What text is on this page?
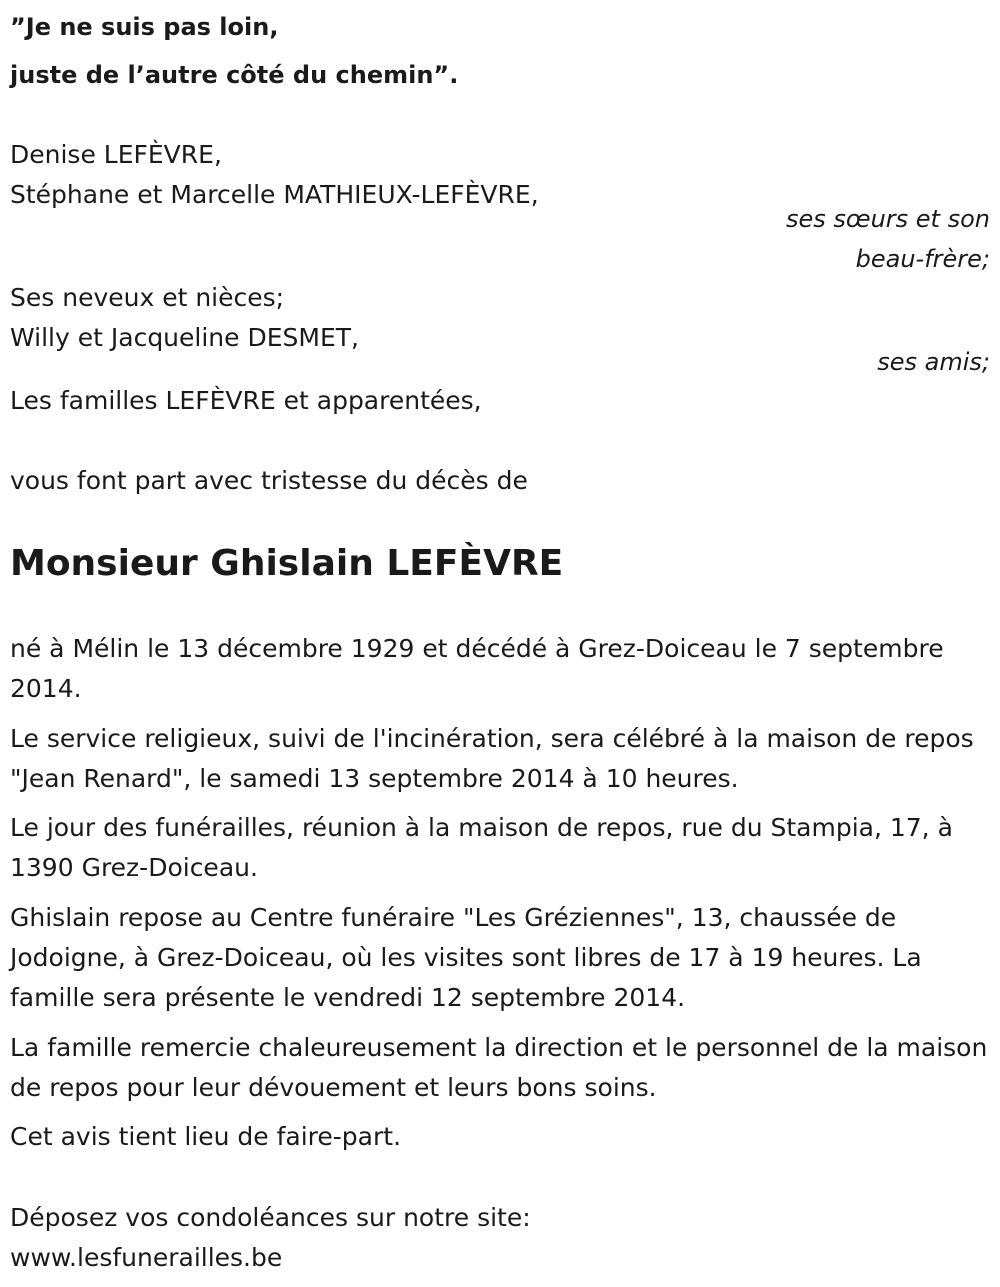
”Je ne suis pas loin,
juste de l’autre côté du chemin”.
Denise LEFÈVRE,
Stéphane et Marcelle MATHIEUX-LEFÈVRE,
ses sœurs et son
beau-frère;
Ses neveux et nièces;
Willy et Jacqueline DESMET,
ses amis;
Les familles LEFÈVRE et apparentées,
vous font part avec tristesse du décès de
Monsieur Ghislain LEFÈVRE
né à Mélin le 13 décembre 1929 et décédé à Grez-Doiceau le 7 septembre 2014.
Le service religieux, suivi de l'incinération, sera célébré à la maison de repos "Jean Renard", le samedi 13 septembre 2014 à 10 heures.
Le jour des funérailles, réunion à la maison de repos, rue du Stampia, 17, à 1390 Grez-Doiceau.
Ghislain repose au Centre funéraire "Les Gréziennes", 13, chaussée de Jodoigne, à Grez-Doiceau, où les visites sont libres de 17 à 19 heures. La famille sera présente le vendredi 12 septembre 2014.
La famille remercie chaleureusement la direction et le personnel de la maison de repos pour leur dévouement et leurs bons soins.
Cet avis tient lieu de faire-part.
Déposez vos condoléances sur notre site:
www.lesfunerailles.be
